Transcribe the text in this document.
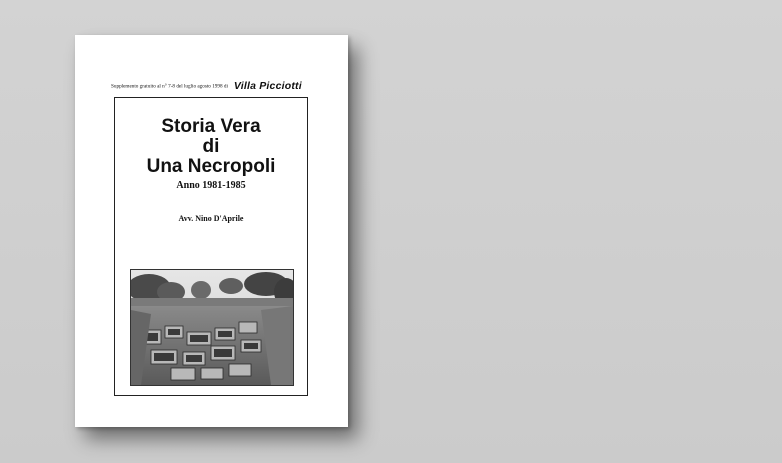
Supplemento gratuito al n° 7-8 del luglio agosto 1998 di Villa Picciotti
Storia Vera
di
Una Necropoli
Anno 1981-1985
Avv. Nino D'Aprile
